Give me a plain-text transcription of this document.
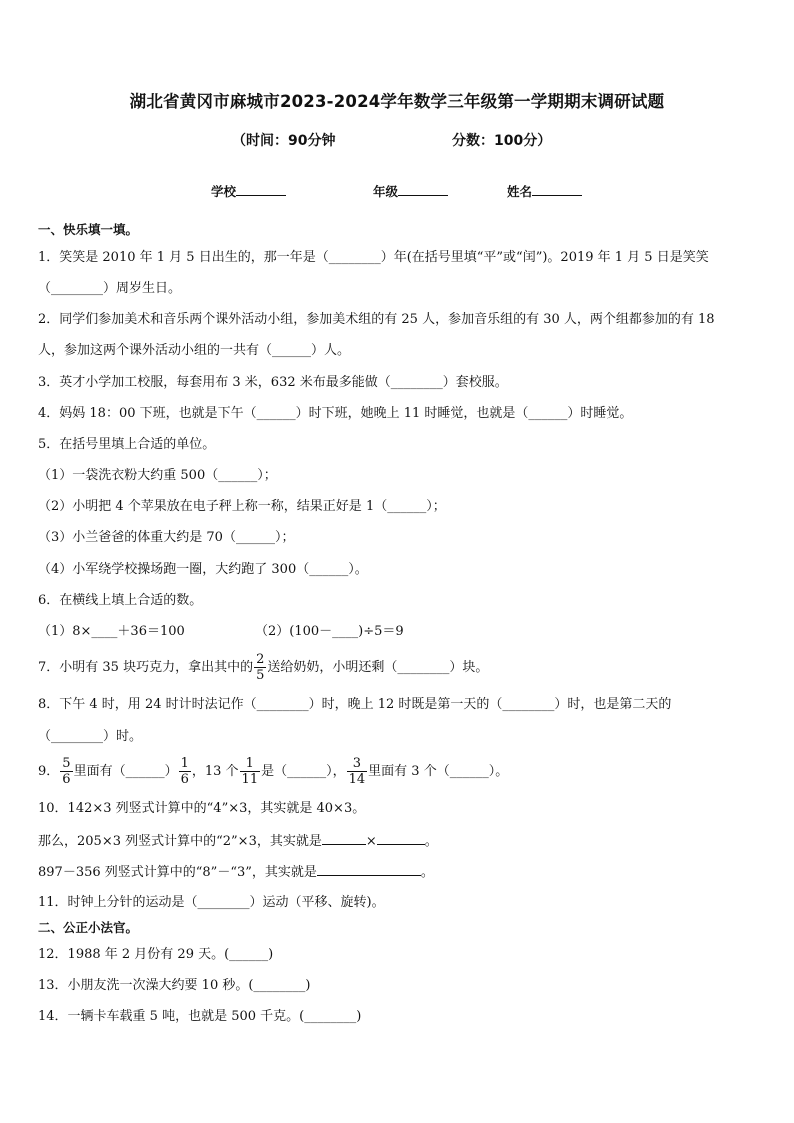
湖北省黄冈市麻城市2023-2024学年数学三年级第一学期期末调研试题
（时间：90分钟	分数：100分）
学校	年级	姓名
一、快乐填一填。
1．笑笑是 2010 年 1 月 5 日出生的，那一年是（________）年(在括号里填“平”或“闰”)。2019 年 1 月 5 日是笑笑
（________）周岁生日。
2．同学们参加美术和音乐两个课外活动小组，参加美术组的有 25 人，参加音乐组的有 30 人，两个组都参加的有 18
人，参加这两个课外活动小组的一共有（______）人。
3．英才小学加工校服，每套用布 3 米，632 米布最多能做（________）套校服。
4．妈妈 18：00 下班，也就是下午（______）时下班，她晚上 11 时睡觉，也就是（______）时睡觉。
5．在括号里填上合适的单位。
（1）一袋洗衣粉大约重 500（______）；
（2）小明把 4 个苹果放在电子秤上称一称，结果正好是 1（______）；
（3）小兰爸爸的体重大约是 70（______）；
（4）小军绕学校操场跑一圈，大约跑了 300（______）。
6．在横线上填上合适的数。
（1）8×____＋36＝100	（2）(100－____)÷5＝9
7．小明有 35 块巧克力，拿出其中的 $\frac{2}{5}$ 送给奶奶，小明还剩（________）块。
8．下午 4 时，用 24 时计时法记作（________）时，晚上 12 时既是第一天的（________）时，也是第二天的
（________）时。
9． $\frac{5}{6}$ 里面有（______） $\frac{1}{6}$ ，13 个 $\frac{1}{11}$ 是（______）， $\frac{3}{14}$ 里面有 3 个（______）。
10．142×3 列竖式计算中的“4”×3，其实就是 40×3。
那么，205×3 列竖式计算中的“2”×3，其实就是	×	。
897－356 列竖式计算中的“8”－“3”，其实就是	。
11．时钟上分针的运动是（________）运动（平移、旋转)。
二、公正小法官。
12．1988 年 2 月份有 29 天。(______)
13．小朋友洗一次澡大约要 10 秒。(________)
14．一辆卡车载重 5 吨，也就是 500 千克。(________)
